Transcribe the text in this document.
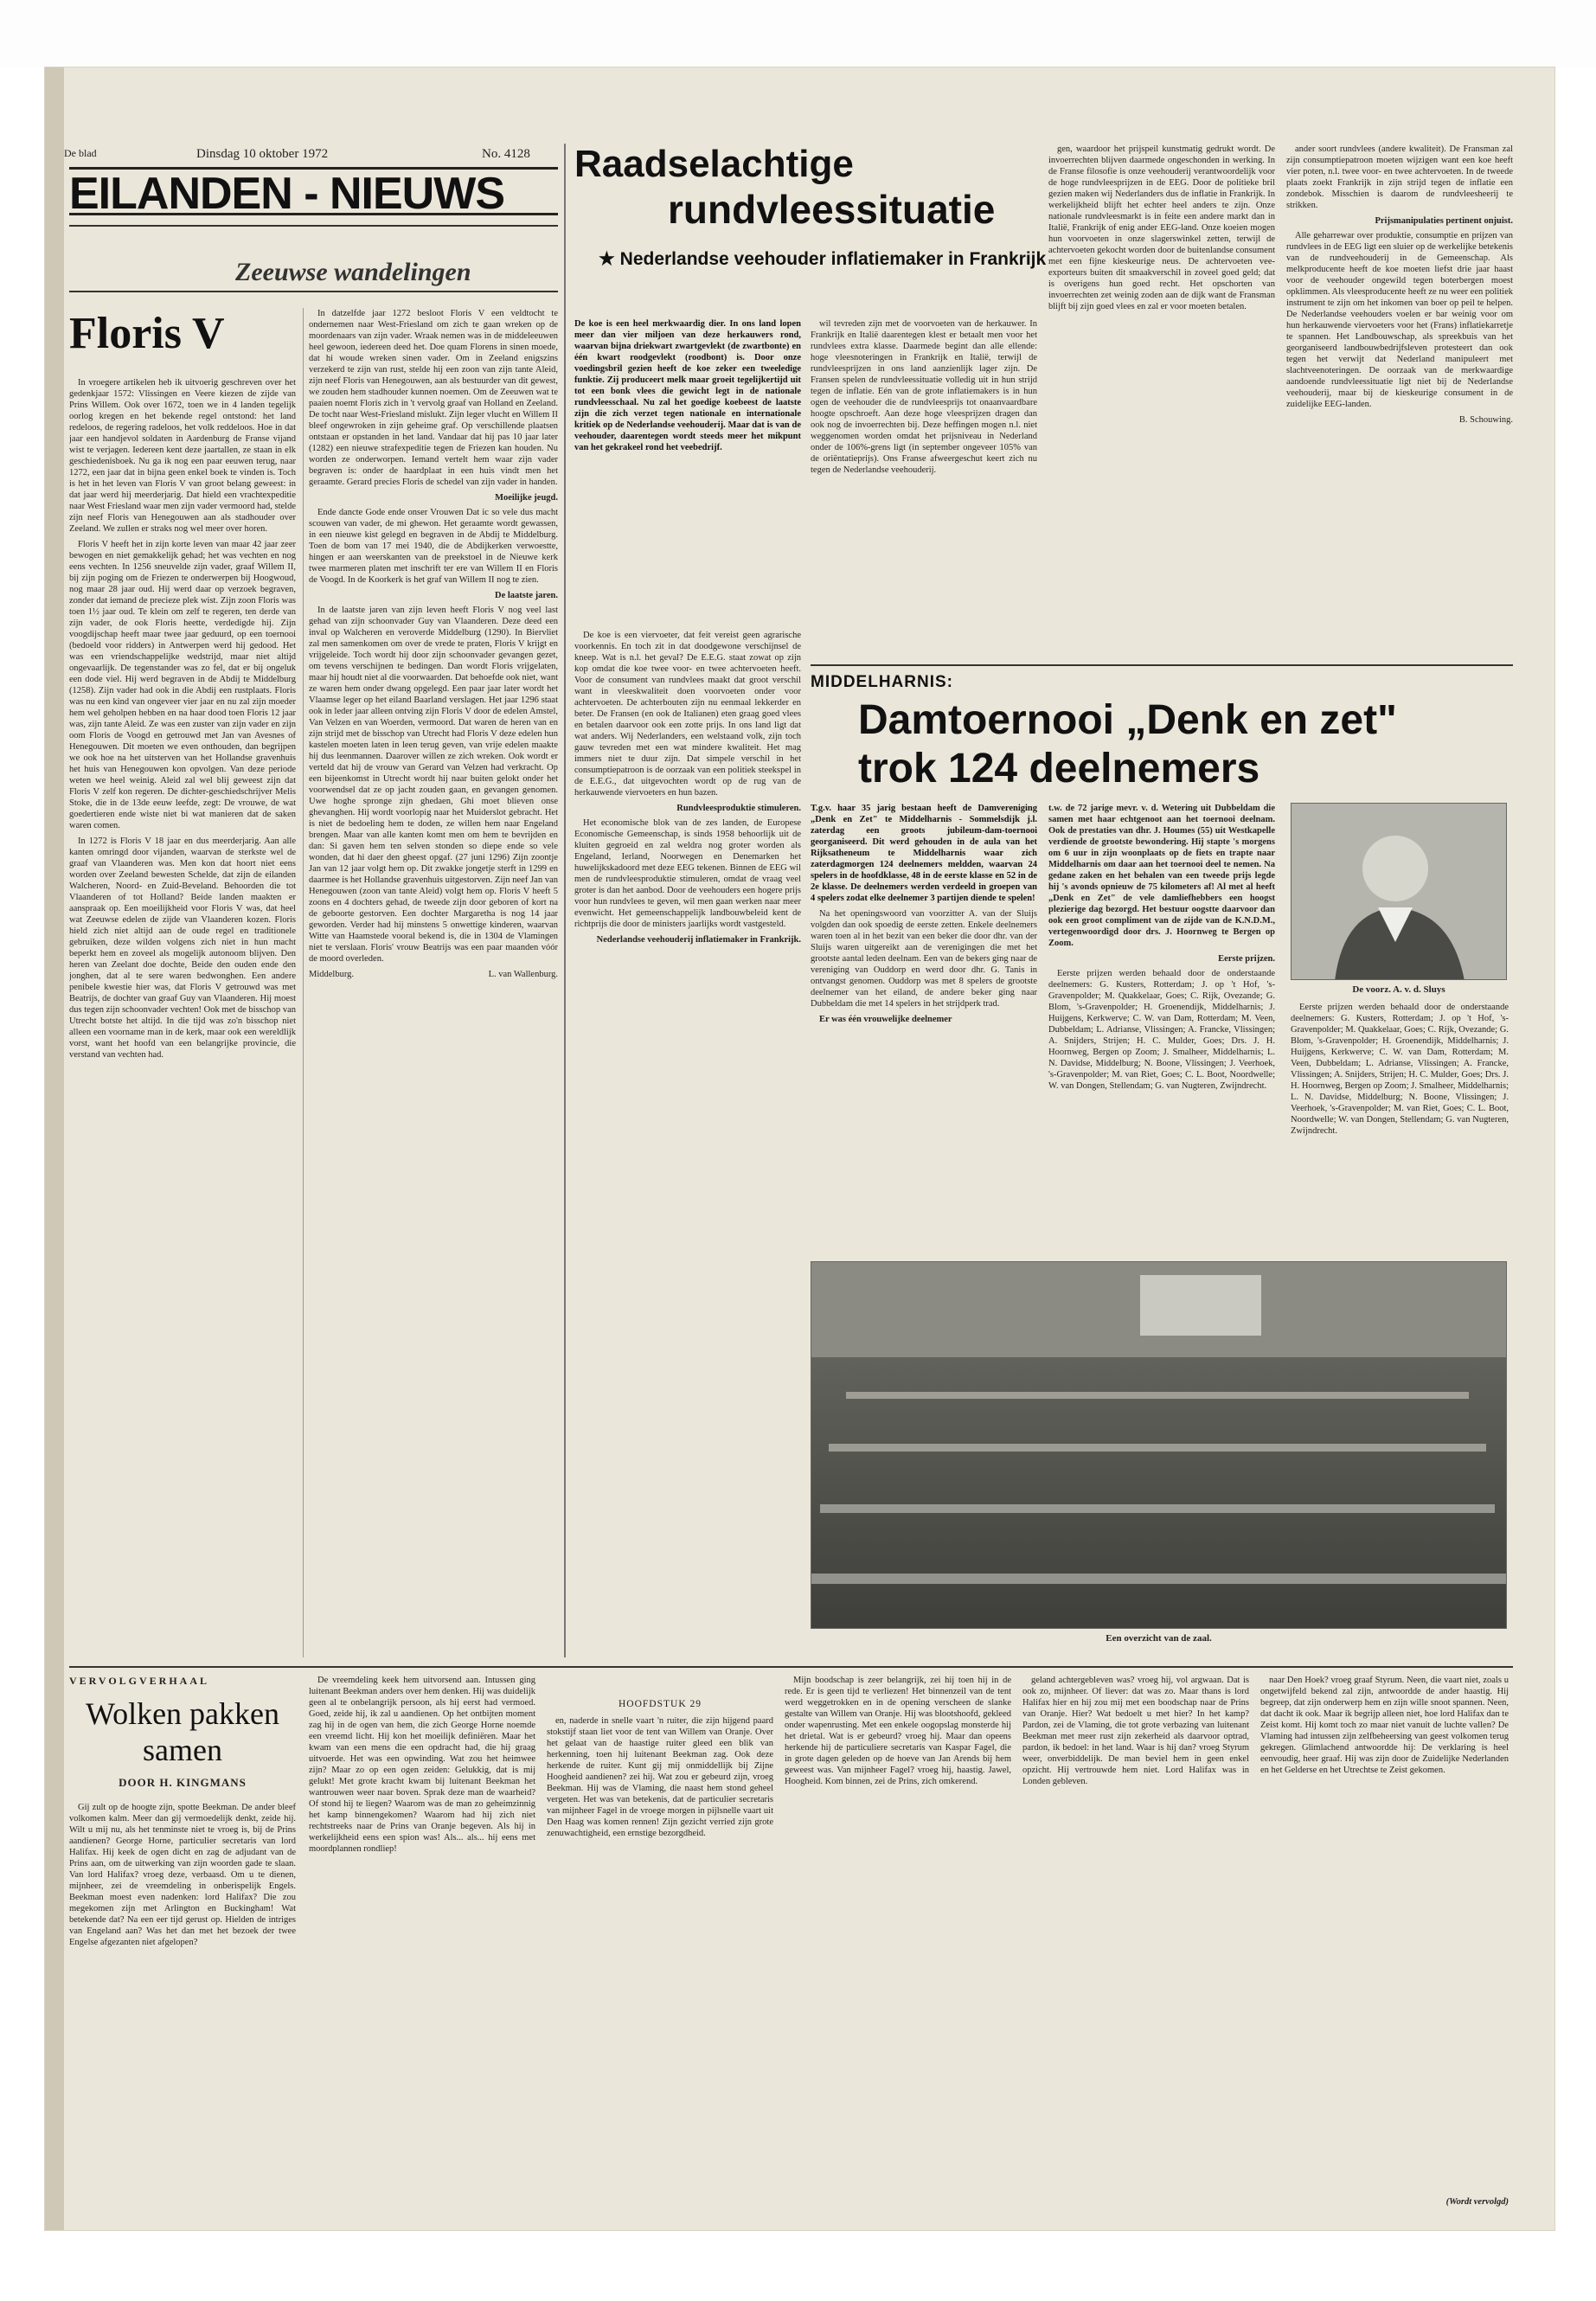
De blad	Dinsdag 10 oktober 1972	No. 4128
EILANDEN - NIEUWS
Zeeuwse wandelingen
Floris V

In vroegere artikelen heb ik uitvoerig geschreven over het gedenkjaar 1572: Vlissingen en Veere kiezen de zijde van Prins Willem. Ook over 1672, toen we in 4 landen tegelijk oorlog kregen en het bekende regel ontstond: het land redeloos, de regering radeloos, het volk reddeloos. Hoe in dat jaar een handjevol soldaten in Aardenburg de Franse vijand wist te verjagen. Iedereen kent deze jaartallen, ze staan in elk geschiedenisboek. Nu ga ik nog een paar eeuwen terug, naar 1272, een jaar dat in bijna geen enkel boek te vinden is. Toch is het in het leven van Floris V van groot belang geweest: in dat jaar werd hij meerderjarig. Dat hield een vrachtexpeditie naar West Friesland waar men zijn vader vermoord had, stelde zijn neef Floris van Henegouwen aan als stadhouder over Zeeland. We zullen er straks nog wel meer over horen.

Floris V heeft het in zijn korte leven van maar 42 jaar zeer bewogen en niet gemakkelijk gehad; het was vechten en nog eens vechten. In 1256 sneuvelde zijn vader, graaf Willem II, bij zijn poging om de Friezen te onderwerpen bij Hoogwoud, nog maar 28 jaar oud. Hij werd daar op verzoek begraven, zonder dat iemand de precieze plek wist. Zijn zoon Floris was toen 1½ jaar oud. Te klein om zelf te regeren, ten derde van zijn vader, de ook Floris heette, verdedigde hij. Zijn voogdijschap heeft maar twee jaar geduurd, op een toernooi (bedoeld voor ridders) in Antwerpen werd hij gedood. Het was een vriendschappelijke wedstrijd, maar niet altijd ongevaarlijk. De tegenstander was zo fel, dat er bij ongeluk een dode viel. Hij werd begraven in de Abdij te Middelburg (1258). Zijn vader had ook in die Abdij een rustplaats. Floris was nu een kind van ongeveer vier jaar en nu zal zijn moeder hem wel geholpen hebben en na haar dood toen Floris 12 jaar was, zijn tante Aleid. Ze was een zuster van zijn vader en zijn oom Floris de Voogd en getrouwd met Jan van Avesnes of Henegouwen. Dit moeten we even onthouden, dan begrijpen we ook hoe na het uitsterven van het Hollandse gravenhuis het huis van Henegouwen kon opvolgen. Van deze periode weten we heel weinig. Aleid zal wel blij geweest zijn dat Floris V zelf kon regeren. De dichter-geschiedschrijver Melis Stoke, die in de 13de eeuw leefde, zegt: De vrouwe, de wat goedertieren ende wiste niet bi wat manieren dat de saken waren comen.

In 1272 is Floris V 18 jaar en dus meerderjarig. Aan alle kanten omringd door vijanden, waarvan de sterkste wel de graaf van Vlaanderen was. Men kon dat hoort niet eens worden over Zeeland bewesten Schelde, dat zijn de eilanden Walcheren, Noord- en Zuid-Beveland. Behoorden die tot Vlaanderen of tot Holland? Beide landen maakten er aanspraak op. Een moeilijkheid voor Floris V was, dat heel wat Zeeuwse edelen de zijde van Vlaanderen kozen. Floris hield zich niet altijd aan de oude regel en traditionele gebruiken, deze wilden volgens zich niet in hun macht beperkt hem en zoveel als mogelijk autonoom blijven. Den heren van Zeelant doe dochte, Beide den ouden ende den jonghen, dat al te sere waren bedwonghen. Een andere penibele kwestie hier was, dat Floris V getrouwd was met Beatrijs, de dochter van graaf Guy van Vlaanderen. Hij moest dus tegen zijn schoonvader vechten! Ook met de bisschop van Utrecht botste het altijd. In die tijd was zo'n bisschop niet alleen een voorname man in de kerk, maar ook een wereldlijk vorst, want het hoofd van een belangrijke provincie, die verstand van vechten had.

In datzelfde jaar 1272 besloot Floris V een veldtocht te ondernemen naar West-Friesland om zich te gaan wreken op de moordenaars van zijn vader. Wraak nemen was in de middeleeuwen heel gewoon, iedereen deed het. Doe quam Florens in sinen moede, dat hi woude wreken sinen vader. Om in Zeeland enigszins verzekerd te zijn van rust, stelde hij een zoon van zijn tante Aleid, zijn neef Floris van Henegouwen, aan als bestuurder van dit gewest, we zouden hem stadhouder kunnen noemen. Om de Zeeuwen wat te paaien noemt Floris zich in 't vervolg graaf van Holland en Zeeland. De tocht naar West-Friesland mislukt. Zijn leger vlucht en Willem II bleef ongewroken in zijn geheime graf. Op verschillende plaatsen ontstaan er opstanden in het land. Vandaar dat hij pas 10 jaar later (1282) een nieuwe strafexpeditie tegen de Friezen kan houden. Nu worden ze onderworpen. Iemand vertelt hem waar zijn vader begraven is: onder de haardplaat in een huis vindt men het geraamte. Gerard precies Floris de schedel van zijn vader in handen.

Moeilijke jeugd.

Ende dancte Gode ende onser Vrouwen Dat ic so vele dus macht scouwen van vader, de mi ghewon. Het geraamte wordt gewassen, in een nieuwe kist gelegd en begraven in de Abdij te Middelburg. Toen de bom van 17 mei 1940, die de Abdijkerken verwoestte, hingen er aan weerskanten van de preekstoel in de Nieuwe kerk twee marmeren platen met inschrift ter ere van Willem II en Floris de Voogd. In de Koorkerk is het graf van Willem II nog te zien.

De laatste jaren.

In de laatste jaren van zijn leven heeft Floris V nog veel last gehad van zijn schoonvader Guy van Vlaanderen. Deze deed een inval op Walcheren en veroverde Middelburg (1290). In Biervliet zal men samenkomen om over de vrede te praten, Floris V krijgt en vrijgeleide. Toch wordt hij door zijn schoonvader gevangen gezet, om tevens verschijnen te bedingen. Dan wordt Floris vrijgelaten, maar hij houdt niet al die voorwaarden. Dat behoefde ook niet, want ze waren hem onder dwang opgelegd. Een paar jaar later wordt het Vlaamse leger op het eiland Baarland verslagen. Het jaar 1296 staat ook in leder jaar alleen ontving zijn Floris V door de edelen Amstel, Van Velzen en van Woerden, vermoord. Dat waren de heren van en zijn strijd met de bisschop van Utrecht had Floris V deze edelen hun kastelen moeten laten in leen terug geven, van vrije edelen maakte hij dus leenmannen. Daarover willen ze zich wreken. Ook wordt er verteld dat hij de vrouw van Gerard van Velzen had verkracht. Op een bijeenkomst in Utrecht wordt hij naar buiten gelokt onder het voorwendsel dat ze op jacht zouden gaan, en gevangen genomen. Uwe hoghe spronge zijn ghedaen, Ghi moet blieven onse ghevanghen. Hij wordt voorlopig naar het Muiderslot gebracht. Het is niet de bedoeling hem te doden, ze willen hem naar Engeland brengen. Maar van alle kanten komt men om hem te bevrijden en dan: Si gaven hem ten selven stonden so diepe ende so vele wonden, dat hi daer den gheest opgaf. (27 juni 1296) Zijn zoontje Jan van 12 jaar volgt hem op. Dit zwakke jongetje sterft in 1299 en daarmee is het Hollandse gravenhuis uitgestorven. Zijn neef Jan van Henegouwen (zoon van tante Aleid) volgt hem op. Floris V heeft 5 zoons en 4 dochters gehad, de tweede zijn door geboren of kort na de geboorte gestorven. Een dochter Margaretha is nog 14 jaar geworden. Verder had hij minstens 5 onwettige kinderen, waarvan Witte van Haamstede vooral bekend is, die in 1304 de Vlamingen niet te verslaan. Floris' vrouw Beatrijs was een paar maanden vóór de moord overleden.

Middelburg.	L. van Wallenburg.
Raadselachtige
rundvleessituatie
★ Nederlandse veehouder inflatiemaker in Frankrijk
De koe is een heel merkwaardig dier. In ons land lopen meer dan vier miljoen van deze herkauwers rond, waarvan bijna driekwart zwartgevlekt (de zwartbonte) en één kwart roodgevlekt (roodbont) is. Door onze voedingsbril gezien heeft de koe zeker een tweeledige funktie. Zij produceert melk maar groeit tegelijkertijd uit tot een bonk vlees die gewicht legt in de nationale rundvleesschaal. Nu zal het goedige koebeest de laatste zijn die zich verzet tegen nationale en internationale kritiek op de Nederlandse veehouderij. Maar dat is van de veehouder, daarentegen wordt steeds meer het mikpunt van het gekrakeel rond het veebedrijf.

De koe is een viervoeter, dat feit vereist geen agrarische voorkennis. En toch zit in dat doodgewone verschijnsel de kneep. Wat is n.l. het geval? De E.E.G. staat zowat op zijn kop omdat die koe twee voor- en twee achtervoeten heeft. Voor de consument van rundvlees maakt dat groot verschil want in vleeskwaliteit doen voorvoeten onder voor achtervoeten. De achterbouten zijn nu eenmaal lekkerder en beter. De Fransen (en ook de Italianen) eten graag goed vlees en betalen daarvoor ook een zotte prijs. In ons land ligt dat wat anders. Wij Nederlanders, een welstaand volk, zijn toch gauw tevreden met een wat mindere kwaliteit. Het mag immers niet te duur zijn. Dat simpele verschil in het consumptiepatroon is de oorzaak van een politiek steekspel in de E.E.G., dat uitgevochten wordt op de rug van de herkauwende viervoeters en hun bazen.

Rundvleesproduktie stimuleren.

Het economische blok van de zes landen, de Europese Economische Gemeenschap, is sinds 1958 behoorlijk uit de kluiten gegroeid en zal weldra nog groter worden als Engeland, Ierland, Noorwegen en Denemarken het huwelijkskadoord met deze EEG tekenen. Binnen de EEG wil men de rundvleesproduktie stimuleren, omdat de vraag veel groter is dan het aanbod. Door de veehouders een hogere prijs voor hun rundvlees te geven, wil men gaan werken naar meer evenwicht. Het gemeenschappelijk landbouwbeleid kent de richtprijs die door de ministers jaarlijks wordt vastgesteld.

Nederlandse veehouderij inflatiemaker in Frankrijk.

wil tevreden zijn met de voorvoeten van de herkauwer. In Frankrijk en Italië daarentegen klest er betaalt men voor het rundvlees extra klasse. Daarmede begint dan alle ellende: hoge vleesnoteringen in Frankrijk en Italië, terwijl de rundvleesprijzen in ons land aanzienlijk lager zijn. De Fransen spelen de rundvleessituatie volledig uit in hun strijd tegen de inflatie. Eén van de grote inflatiemakers is in hun ogen de veehouder die de rundvleesprijs tot onaanvaardbare hoogte opschroeft. Aan deze hoge vleesprijzen dragen dan ook nog de invoerrechten bij. Deze heffingen mogen n.l. niet weggenomen worden omdat het prijsniveau in Nederland onder de 106%-grens ligt (in september ongeveer 105% van de oriëntatieprijs). Ons Franse afweergeschut keert zich nu tegen de Nederlandse veehouderij.

gen, waardoor het prijspeil kunstmatig gedrukt wordt. De invoerrechten blijven daarmede ongeschonden in werking. In de Franse filosofie is onze veehouderij verantwoordelijk voor de hoge rundvleesprijzen in de EEG. Door de politieke bril gezien maken wij Nederlanders dus de inflatie in Frankrijk. In werkelijkheid blijft het echter heel anders te zijn. Onze nationale rundvleesmarkt is in feite een andere markt dan in Italië, Frankrijk of enig ander EEG-land. Onze koeien mogen hun voorvoeten in onze slagerswinkel zetten, terwijl de achtervoeten gekocht worden door de buitenlandse consument met een fijne kieskeurige neus. De achtervoeten vee-exporteurs buiten dit smaakverschil in zoveel goed geld; dat is overigens hun goed recht. Het opschorten van invoerrechten zet weinig zoden aan de dijk want de Fransman blijft bij zijn goed vlees en zal er voor moeten betalen.

ander soort rundvlees (andere kwaliteit). De Fransman zal zijn consumptiepatroon moeten wijzigen want een koe heeft vier poten, n.l. twee voor- en twee achtervoeten. In de tweede plaats zoekt Frankrijk in zijn strijd tegen de inflatie een zondebok. Misschien is daarom de rundvleesheerij te strikken.

Prijsmanipulaties pertinent onjuist.

Alle geharrewar over produktie, consumptie en prijzen van rundvlees in de EEG ligt een sluier op de werkelijke betekenis van de rundveehouderij in de Gemeenschap. Als melkproducente heeft de koe moeten liefst drie jaar haast voor de veehouder ongewild tegen boterbergen moest opklimmen. Als vleesproducente heeft ze nu weer een politiek instrument te zijn om het inkomen van boer op peil te helpen. De Nederlandse veehouders voelen er bar weinig voor om hun herkauwende viervoeters voor het (Frans) inflatiekarretje te spannen. Het Landbouwschap, als spreekbuis van het georganiseerd landbouwbedrijfsleven protesteert dan ook tegen het verwijt dat Nederland manipuleert met slachtveenoteringen. De oorzaak van de merkwaardige aandoende rundvleessituatie ligt niet bij de Nederlandse veehouderij, maar bij de kieskeurige consument in de zuidelijke EEG-landen.

B. Schouwing.
MIDDELHARNIS:
Damtoernooi „Denk en zet"
trok 124 deelnemers

T.g.v. haar 35 jarig bestaan heeft de Damvereniging „Denk en Zet" te Middelharnis - Sommelsdijk j.l. zaterdag een groots jubileum-dam-toernooi georganiseerd. Dit werd gehouden in de aula van het Rijksatheneum te Middelharnis waar zich zaterdagmorgen 124 deelnemers meldden, waarvan 24 spelers in de hoofdklasse, 48 in de eerste klasse en 52 in de 2e klasse. De deelnemers werden verdeeld in groepen van 4 spelers zodat elke deelnemer 3 partijen diende te spelen!

Na het openingswoord van voorzitter A. van der Sluijs volgden dan ook spoedig de eerste zetten. Enkele deelnemers waren toen al in het bezit van een beker die door dhr. van der Sluijs waren uitgereikt aan de verenigingen die met het grootste aantal leden deelnam. Een van de bekers ging naar de vereniging van Ouddorp en werd door dhr. G. Tanis in ontvangst genomen. Ouddorp was met 8 spelers de grootste deelnemer van het eiland, de andere beker ging naar Dubbeldam die met 14 spelers in het strijdperk trad.

Er was één vrouwelijke deelnemer

t.w. de 72 jarige mevr. v. d. Wetering uit Dubbeldam die samen met haar echtgenoot aan het toernooi deelnam. Ook de prestaties van dhr. J. Houmes (55) uit Westkapelle verdiende de grootste bewondering. Hij stapte 's morgens om 6 uur in zijn woonplaats op de fiets en trapte naar Middelharnis om daar aan het toernooi deel te nemen. Na gedane zaken en het behalen van een tweede prijs legde hij 's avonds opnieuw de 75 kilometers af! Al met al heeft „Denk en Zet" de vele damliefhebbers een hoogst plezierige dag bezorgd. Het bestuur oogstte daarvoor dan ook een groot compliment van de zijde van de K.N.D.M., vertegenwoordigd door drs. J. Hoornweg te Bergen op Zoom.

Eerste prijzen.

Eerste prijzen werden behaald door de onderstaande deelnemers: G. Kusters, Rotterdam; J. op 't Hof, 's-Gravenpolder; M. Quakkelaar, Goes; C. Rijk, Ovezande; G. Blom, 's-Gravenpolder; H. Groenendijk, Middelharnis; J. Huijgens, Kerkwerve; C. W. van Dam, Rotterdam; M. Veen, Dubbeldam; L. Adrianse, Vlissingen; A. Francke, Vlissingen; A. Snijders, Strijen; H. C. Mulder, Goes; Drs. J. H. Hoornweg, Bergen op Zoom; J. Smalheer, Middelharnis; L. N. Davidse, Middelburg; N. Boone, Vlissingen; J. Veerhoek, 's-Gravenpolder; M. van Riet, Goes; C. L. Boot, Noordwelle; W. van Dongen, Stellendam; G. van Nugteren, Zwijndrecht.

De voorz. A. v. d. Sluys

Eerste prijzen werden behaald door de onderstaande deelnemers: G. Kusters, Rotterdam; J. op 't Hof, 's-Gravenpolder; M. Quakkelaar, Goes; C. Rijk, Ovezande; G. Blom, 's-Gravenpolder; H. Groenendijk, Middelharnis; J. Huijgens, Kerkwerve; C. W. van Dam, Rotterdam; M. Veen, Dubbeldam; L. Adrianse, Vlissingen; A. Francke, Vlissingen; A. Snijders, Strijen; H. C. Mulder, Goes; Drs. J. H. Hoornweg, Bergen op Zoom; J. Smalheer, Middelharnis; L. N. Davidse, Middelburg; N. Boone, Vlissingen; J. Veerhoek, 's-Gravenpolder; M. van Riet, Goes; C. L. Boot, Noordwelle; W. van Dongen, Stellendam; G. van Nugteren, Zwijndrecht.

Een overzicht van de zaal.
VERVOLGVERHAAL
Wolken pakken samen
DOOR H. KINGMANS

Gij zult op de hoogte zijn, spotte Beekman. De ander bleef volkomen kalm. Meer dan gij vermoedelijk denkt, zeide hij. Wilt u mij nu, als het tenminste niet te vroeg is, bij de Prins aandienen? George Horne, particulier secretaris van lord Halifax. Hij keek de ogen dicht en zag de adjudant van de Prins aan, om de uitwerking van zijn woorden gade te slaan. Van lord Halifax? vroeg deze, verbaasd. Om u te dienen, mijnheer, zei de vreemdeling in onberispelijk Engels. Beekman moest even nadenken: lord Halifax? Die zou megekomen zijn met Arlington en Buckingham! Wat betekende dat? Na een eer tijd gerust op. Hielden de intriges van Engeland aan? Was het dan met het bezoek der twee Engelse afgezanten niet afgelopen?

De vreemdeling keek hem uitvorsend aan. Intussen ging luitenant Beekman anders over hem denken. Hij was duidelijk geen al te onbelangrijk persoon, als hij eerst had vermoed. Goed, zeide hij, ik zal u aandienen. Op het ontbijten moment zag hij in de ogen van hem, die zich George Horne noemde een vreemd licht. Hij kon het moeilijk definiëren. Maar het kwam van een mens die een opdracht had, die hij graag uitvoerde. Het was een opwinding. Wat zou het heimwee zijn? Maar zo op een ogen zeiden: Gelukkig, dat is mij gelukt! Met grote kracht kwam bij luitenant Beekman het wantrouwen weer naar boven. Sprak deze man de waarheid? Of stond hij te liegen? Waarom was de man zo geheimzinnig het kamp binnengekomen? Waarom had hij zich niet rechtstreeks naar de Prins van Oranje begeven. Als hij in werkelijkheid eens een spion was! Als... als... hij eens met moordplannen rondliep!

HOOFDSTUK 29

en, naderde in snelle vaart 'n ruiter, die zijn hijgend paard stokstijf staan liet voor de tent van Willem van Oranje. Over het gelaat van de haastige ruiter gleed een blik van herkenning, toen hij luitenant Beekman zag. Ook deze herkende de ruiter. Kunt gij mij onmiddellijk bij Zijne Hoogheid aandienen? zei hij. Wat zou er gebeurd zijn, vroeg Beekman. Hij was de Vlaming, die naast hem stond geheel vergeten. Het was van betekenis, dat de particulier secretaris van mijnheer Fagel in de vroege morgen in pijlsnelle vaart uit Den Haag was komen rennen! Zijn gezicht verried zijn grote zenuwachtigheid, een ernstige bezorgdheid.

Mijn boodschap is zeer belangrijk, zei hij toen hij in de rede. Er is geen tijd te verliezen! Het binnenzeil van de tent werd weggetrokken en in de opening verscheen de slanke gestalte van Willem van Oranje. Hij was blootshoofd, gekleed onder wapenrusting. Met een enkele oogopslag monsterde hij het drietal. Wat is er gebeurd? vroeg hij. Maar dan opeens herkende hij de particuliere secretaris van Kaspar Fagel, die in grote dagen geleden op de hoeve van Jan Arends bij hem geweest was. Van mijnheer Fagel? vroeg hij, haastig. Jawel, Hoogheid. Kom binnen, zei de Prins, zich omkerend.

geland achtergebleven was? vroeg hij, vol argwaan. Dat is ook zo, mijnheer. Of liever: dat was zo. Maar thans is lord Halifax hier en hij zou mij met een boodschap naar de Prins van Oranje. Hier? Wat bedoelt u met hier? In het kamp? Pardon, zei de Vlaming, die tot grote verbazing van luitenant Beekman met meer rust zijn zekerheid als daarvoor optrad, pardon, ik bedoel: in het land. Waar is hij dan? vroeg Styrum weer, onverbiddelijk. De man beviel hem in geen enkel opzicht. Hij vertrouwde hem niet. Lord Halifax was in Londen gebleven.

naar Den Hoek? vroeg graaf Styrum. Neen, die vaart niet, zoals u ongetwijfeld bekend zal zijn, antwoordde de ander haastig. Hij begreep, dat zijn onderwerp hem en zijn wille snoot spannen. Neen, dat dacht ik ook. Maar ik begrijp alleen niet, hoe lord Halifax dan te Zeist komt. Hij komt toch zo maar niet vanuit de luchte vallen? De Vlaming had intussen zijn zelfbeheersing van geest volkomen terug gekregen. Glimlachend antwoordde hij: De verklaring is heel eenvoudig, heer graaf. Hij was zijn door de Zuidelijke Nederlanden en het Gelderse en het Utrechtse te Zeist gekomen.

(Wordt vervolgd)
